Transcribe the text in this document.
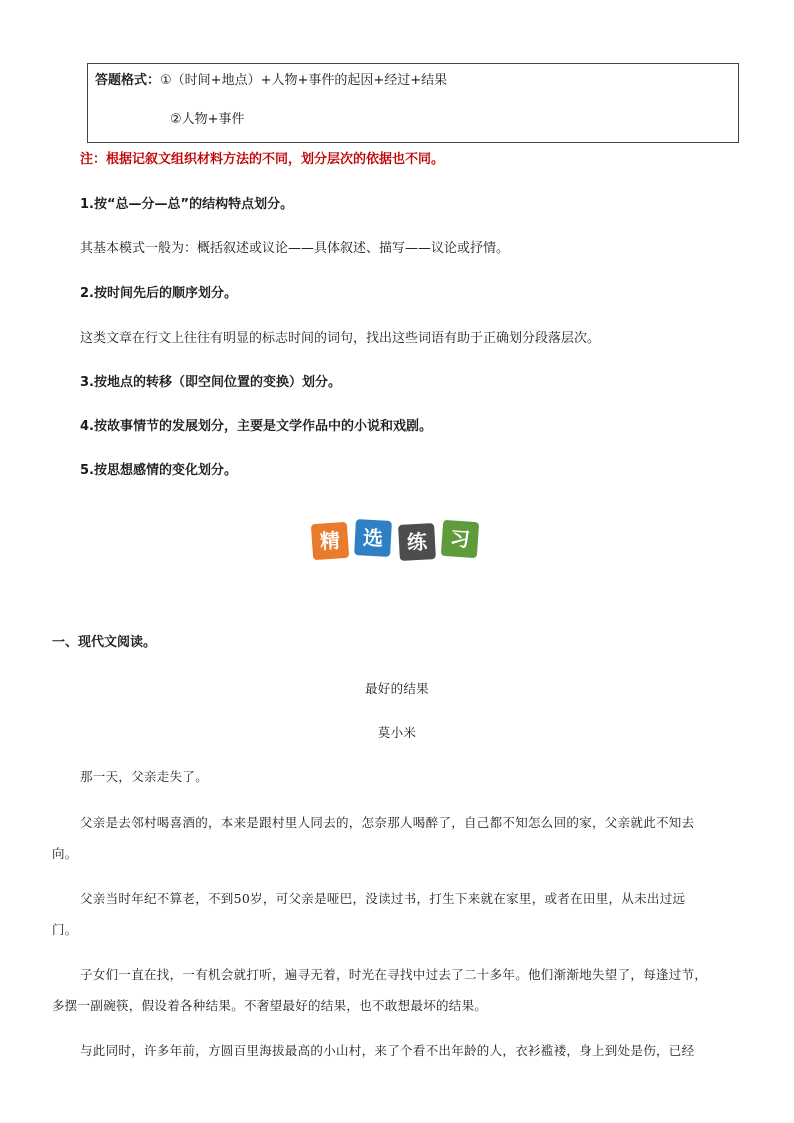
答题格式：①（时间+地点）+人物+事件的起因+经过+结果
②人物+事件
注：根据记叙文组织材料方法的不同，划分层次的依据也不同。
1.按“总—分—总”的结构特点划分。
其基本模式一般为：概括叙述或议论——具体叙述、描写——议论或抒情。
2.按时间先后的顺序划分。
这类文章在行文上往往有明显的标志时间的词句，找出这些词语有助于正确划分段落层次。
3.按地点的转移（即空间位置的变换）划分。
4.按故事情节的发展划分，主要是文学作品中的小说和戏剧。
5.按思想感情的变化划分。
精	选	练	习
一、现代文阅读。
最好的结果
莫小米
那一天，父亲走失了。
父亲是去邻村喝喜酒的，本来是跟村里人同去的，怎奈那人喝醉了，自己都不知怎么回的家，父亲就此不知去
向。
父亲当时年纪不算老，不到50岁，可父亲是哑巴，没读过书，打生下来就在家里，或者在田里，从未出过远
门。
子女们一直在找，一有机会就打听，遍寻无着，时光在寻找中过去了二十多年。他们渐渐地失望了，每逢过节，
多摆一副碗筷，假设着各种结果。不奢望最好的结果，也不敢想最坏的结果。
与此同时，许多年前，方圆百里海拔最高的小山村，来了个看不出年龄的人，衣衫褴褛，身上到处是伤，已经
